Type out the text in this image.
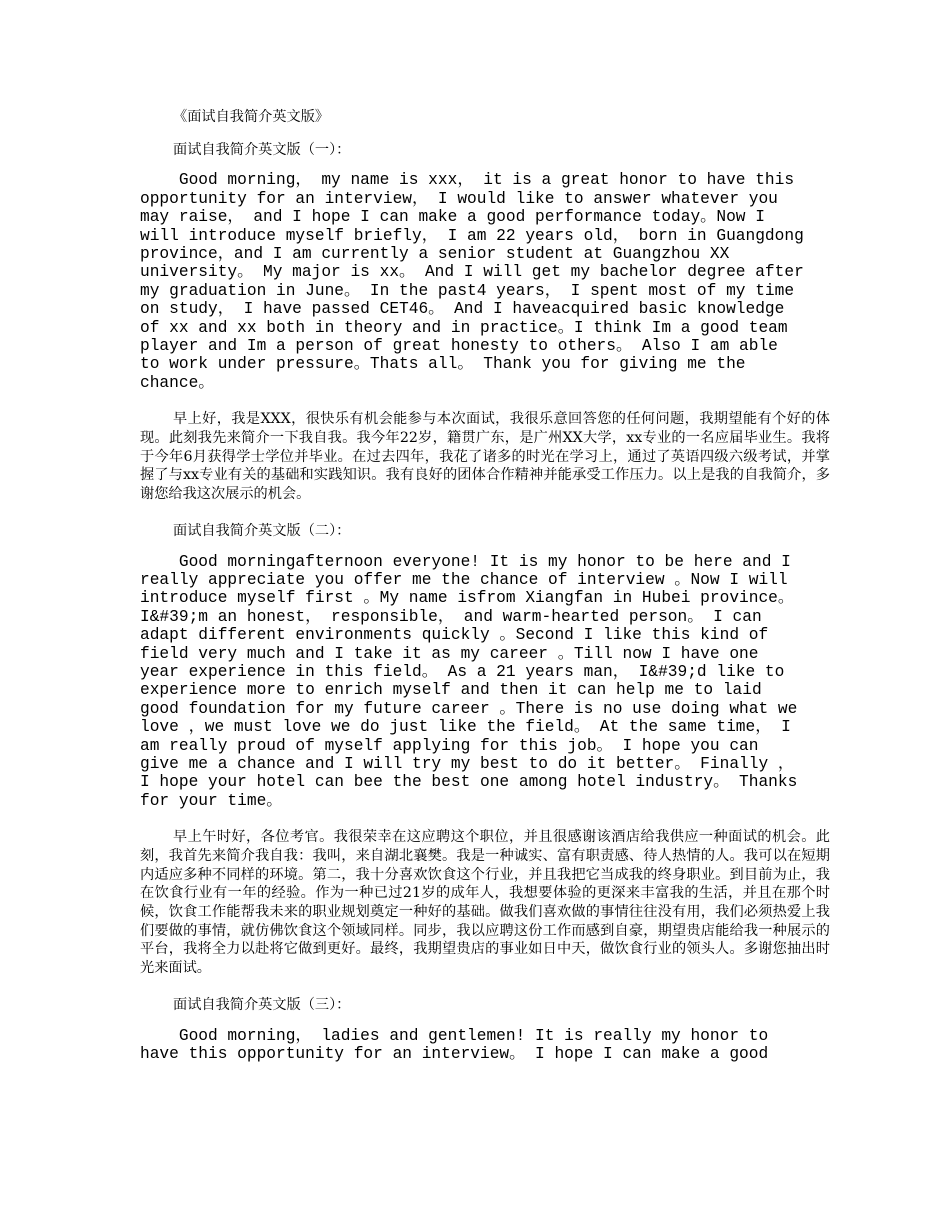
《面试自我简介英文版》

面试自我简介英文版（一）：

Good morning， my name is xxx， it is a great honor to have this

opportunity for an interview， I would like to answer whatever you

may raise， and I hope I can make a good performance today。Now I

will introduce myself briefly， I am 22 years old， born in Guangdong

province，and I am currently a senior student at Guangzhou XX

university。 My major is xx。 And I will get my bachelor degree after

my graduation in June。 In the past4 years， I spent most of my time

on study， I have passed CET46。 And I haveacquired basic knowledge

of xx and xx both in theory and in practice。I think Im a good team

player and Im a person of great honesty to others。 Also I am able

to work under pressure。Thats all。 Thank you for giving me the

chance。

早上好，我是XXX，很快乐有机会能参与本次面试，我很乐意回答您的任何问题，我期望能有个好的体现。此刻我先来简介一下我自我。我今年22岁，籍贯广东，是广州XX大学，xx专业的一名应届毕业生。我将于今年6月获得学士学位并毕业。在过去四年，我花了诸多的时光在学习上，通过了英语四级六级考试，并掌握了与xx专业有关的基础和实践知识。我有良好的团体合作精神并能承受工作压力。以上是我的自我简介，多谢您给我这次展示的机会。

面试自我简介英文版（二）：

Good morningafternoon everyone! It is my honor to be here and I

really appreciate you offer me the chance of interview 。Now I will

introduce myself first 。My name isfrom Xiangfan in Hubei province。

I&#39;m an honest， responsible， and warm-hearted person。 I can

adapt different environments quickly 。Second I like this kind of

field very much and I take it as my career 。Till now I have one

year experience in this field。 As a 21 years man， I&#39;d like to

experience more to enrich myself and then it can help me to laid

good foundation for my future career 。There is no use doing what we

love ，we must love we do just like the field。 At the same time， I

am really proud of myself applying for this job。 I hope you can

give me a chance and I will try my best to do it better。 Finally ，

I hope your hotel can bee the best one among hotel industry。 Thanks

for your time。

早上午时好，各位考官。我很荣幸在这应聘这个职位，并且很感谢该酒店给我供应一种面试的机会。此刻，我首先来简介我自我：我叫，来自湖北襄樊。我是一种诚实、富有职责感、待人热情的人。我可以在短期内适应多种不同样的环境。第二，我十分喜欢饮食这个行业，并且我把它当成我的终身职业。到目前为止，我在饮食行业有一年的经验。作为一种已过21岁的成年人，我想要体验的更深来丰富我的生活，并且在那个时候，饮食工作能帮我未来的职业规划奠定一种好的基础。做我们喜欢做的事情往往没有用，我们必须热爱上我们要做的事情，就仿佛饮食这个领域同样。同步，我以应聘这份工作而感到自豪，期望贵店能给我一种展示的平台，我将全力以赴将它做到更好。最终，我期望贵店的事业如日中天，做饮食行业的领头人。多谢您抽出时光来面试。

面试自我简介英文版（三）：

Good morning， ladies and gentlemen! It is really my honor to

have this opportunity for an interview。 I hope I can make a good
